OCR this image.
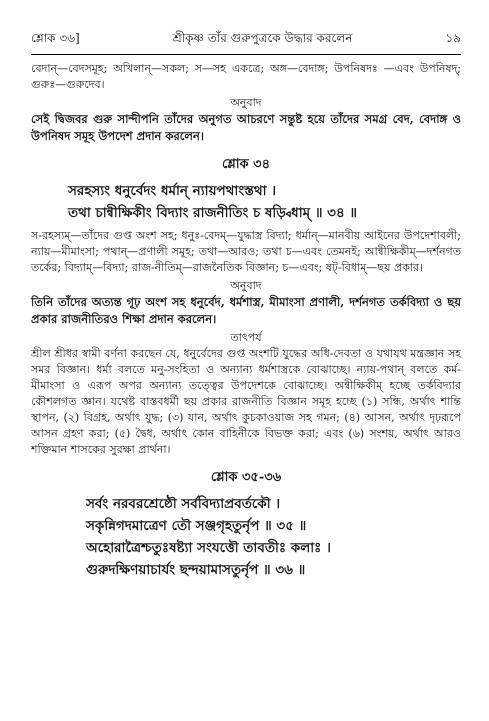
শ্লোক ৩৬]	শ্রীকৃষ্ণ তাঁর গুরুপুত্রকে উদ্ধার করলেন	১৯

বেদান্—বেদসমূহ; অখিলান্—সকল; স—সহ একত্রে; অঙ্গ—বেদাঙ্গ; উপনিষদঃ —এবং উপনিষদ্; গুরুঃ—গুরুদেব।

অনুবাদ

সেই দ্বিজবর গুরু সান্দীপনি তাঁদের অনুগত আচরণে সন্তুষ্ট হয়ে তাঁদের সমগ্র বেদ, বেদাঙ্গ ও উপনিষদ সমূহ উপদেশ প্রদান করলেন।

শ্লোক ৩৪

সরহস্যং ধনুর্বেদং ধর্মান্ ন্যায়পথাংস্তথা ।

তথা চান্বীক্ষিকীং বিদ্যাং রাজনীতিং চ ষড়্বিধাম্ ॥ ৩৪ ॥

স-রহস্যম্—তাঁদের গুপ্ত অংশ সহ; ধনুঃ-বেদম্—যুদ্ধাস্ত্র বিদ্যা; ধর্মান্—মানবীয় আইনের উপদেশাবলী; ন্যায়—মীমাংসা; পথান্—প্রণালী সমূহ; তথা—আরও; তথা চ—এবং তেমনই; আন্বীক্ষিকীম্—দর্শনগত তর্কের; বিদ্যাম্—বিদ্যা; রাজ-নীতিম্—রাজনৈতিক বিজ্ঞান; চ—এবং; ষট্-বিধাম্—ছয় প্রকার।

অনুবাদ

তিনি তাঁদের অত্যন্ত গূঢ় অংশ সহ ধনুর্বেদ, ধর্মশাস্ত্র, মীমাংসা প্রণালী, দর্শনগত তর্কবিদ্যা ও ছয় প্রকার রাজনীতিরও শিক্ষা প্রদান করলেন।

তাৎপর্য

শ্রীল শ্রীধর স্বামী বর্ণনা করছেন যে, ধনুর্বেদের গুপ্ত অংশটি যুদ্ধের অধি-দেবতা ও যথাযথ মন্ত্রজ্ঞান সহ সমর বিজ্ঞান। ধর্মা বলতে মনু-সংহিতা ও অন্যান্য ধর্মশাস্ত্রকে বোঝাচ্ছে। ন্যায়-পথান্ বলতে কর্ম-মীমাংসা ও এরূপ অপর অন্যান্য তত্ত্বের উপদেশকে বোঝাচ্ছে। অন্বীক্ষিকীম্ হচ্ছে তর্কবিদ্যার কৌশলগত জ্ঞান। যথেষ্ট বাস্তবধর্মী ছয় প্রকার রাজনীতি বিজ্ঞান সমূহ হচ্ছে (১) সন্ধি, অর্থাৎ শান্তি স্থাপন, (২) বিগ্রহ, অর্থাৎ যুদ্ধ; (৩) যান, অর্থাৎ কুচকাওয়াজ সহ গমন; (৪) আসন, অর্থাৎ দৃঢ়রূপে আসন গ্রহণ করা; (৫) দ্বৈধ, অর্থাৎ কোন বাহিনীকে বিভক্ত করা; এবং (৬) সংশয়, অর্থাৎ আরও শক্তিমান শাসকের সুরক্ষা প্রার্থনা।

শ্লোক ৩৫-৩৬

সর্বং নরবরশ্রেষ্ঠৌ সর্ববিদ্যাপ্রবর্তকৌ ।

সকৃন্নিগদমাত্রেণ তৌ সঞ্জগৃহতুর্নৃপ ॥ ৩৫ ॥

অহোরাত্রৈশ্চতুঃষষ্ট্যা সংযত্তৌ তাবতীঃ কলাঃ ।

গুরুদক্ষিণয়াচার্যং ছন্দয়ামাসতুর্নৃপ ॥ ৩৬ ॥
